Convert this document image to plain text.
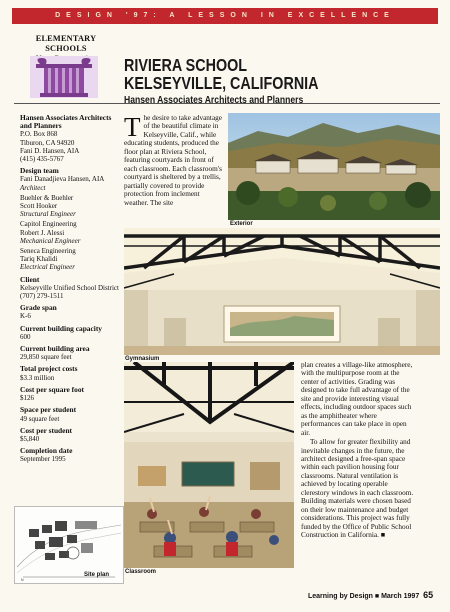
DESIGN '97: A LESSON IN EXCELLENCE
ELEMENTARY SCHOOLS
RIVIERA SCHOOL
KELSEYVILLE, CALIFORNIA
Hansen Associates Architects and Planners
Hansen Associates Architects and Planners
P.O. Box 868
Tiburon, CA 94920
Fani D. Hansen, AIA
(415) 435-5767
Design team
Fani Danadjieva Hansen, AIA
Architect
Buehler & Buehler
Scott Hooker
Structural Engineer
Capitol Engineering
Robert J. Alessi
Mechanical Engineer
Seneca Engineering
Tariq Khalidi
Electrical Engineer
Client
Kelseyville Unified School District
(707) 279-1511
Grade span
K-6
Current building capacity
600
Current building area
29,850 square feet
Total project costs
$3.3 million
Cost per square foot
$126
Space per student
49 square feet
Cost per student
$5,840
Completion date
September 1995
N
Site plan
The desire to take advantage of the beautiful climate in Kelseyville, Calif., while educating students, produced the floor plan at Riviera School, featuring courtyards in front of each classroom. Each classroom's courtyard is sheltered by a trellis, partially covered to provide protection from inclement weather. The site
Exterior
Gymnasium
Classroom

plan creates a village-like atmosphere, with the multipurpose room at the center of activities. Grading was designed to take full advantage of the site and provide interesting visual effects, including outdoor spaces such as the amphitheater where performances can take place in open air.

To allow for greater flexibility and inevitable changes in the future, the architect designed a free-span space within each pavilion housing four classrooms. Natural ventilation is achieved by locating operable clerestory windows in each classroom. Building materials were chosen based on their low maintenance and budget considerations. This project was fully funded by the Office of Public School Construction in California. ■

Learning by Design ■ March 1997 65
